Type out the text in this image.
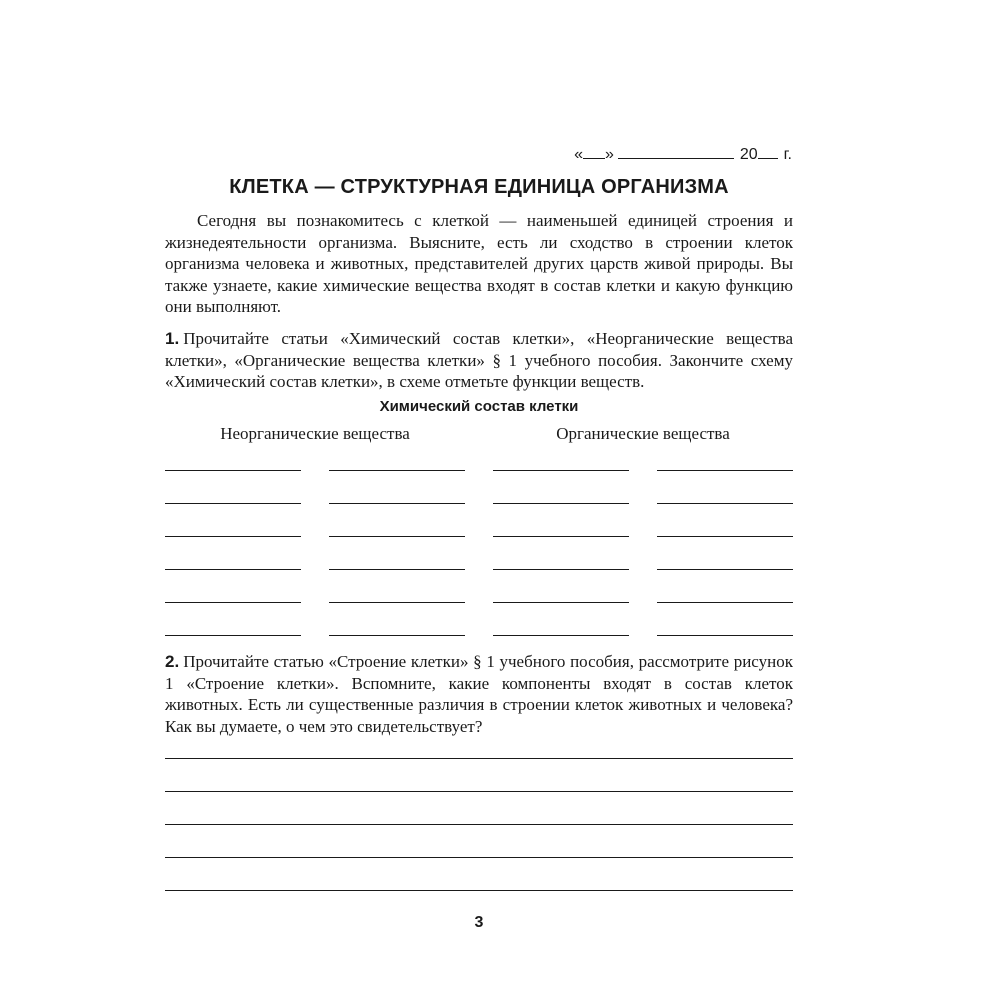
« »	20 г.
КЛЕТКА — СТРУКТУРНАЯ ЕДИНИЦА ОРГАНИЗМА
Сегодня вы познакомитесь с клеткой — наименьшей единицей строения и жизнедеятельности организма. Выясните, есть ли сходство в строении клеток организма человека и животных, представителей других царств живой природы. Вы также узнаете, какие химические вещества входят в состав клетки и какую функцию они выполняют.
1. Прочитайте статьи «Химический состав клетки», «Неорганические вещества клетки», «Органические вещества клетки» § 1 учебного пособия. Закончите схему «Химический состав клетки», в схеме отметьте функции веществ.
Химический состав клетки
Неорганические вещества	Органические вещества
2. Прочитайте статью «Строение клетки» § 1 учебного пособия, рассмотрите рисунок 1 «Строение клетки». Вспомните, какие компоненты входят в состав клеток животных. Есть ли существенные различия в строении клеток животных и человека? Как вы думаете, о чем это свидетельствует?
3
